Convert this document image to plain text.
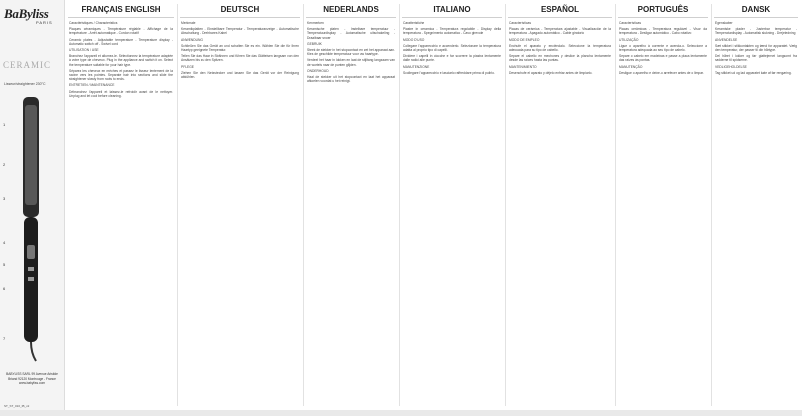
BaByliss
PARIS
CERAMIC
Lisseur/straightener 230°C
1
2
3
4
5
6
7
BABYLISS SARL 99 Avenue Aristide Briand 92120 Montrouge - France www.babyliss.com
ST_ST_010_IB_v2
FRANÇAIS ENGLISH

Caractéristiques / Characteristics

Plaques céramiques - Température réglable - Affichage de la température - Arrêt automatique - Cordon rotatif

Ceramic plates - Adjustable temperature - Temperature display - Automatic switch off - Swivel cord

UTILISATION / USE

Branchez l'appareil et allumez-le. Sélectionnez la température adaptée à votre type de cheveux. Plug in the appliance and switch it on. Select the temperature suitable for your hair type.

Séparez les cheveux en mèches et passez le lisseur lentement de la racine vers les pointes. Separate hair into sections and slide the straightener slowly from roots to ends.

ENTRETIEN / MAINTENANCE

Débranchez l'appareil et laissez-le refroidir avant de le nettoyer. Unplug and let cool before cleaning.

DEUTSCH

Merkmale

Keramikplatten - Einstellbare Temperatur - Temperaturanzeige - Automatische Abschaltung - Drehbares Kabel

ANWENDUNG

Schließen Sie das Gerät an und schalten Sie es ein. Wählen Sie die für Ihren Haartyp geeignete Temperatur.

Teilen Sie das Haar in Strähnen und führen Sie das Glätteisen langsam von den Ansätzen bis zu den Spitzen.

PFLEGE

Ziehen Sie den Netzstecker und lassen Sie das Gerät vor der Reinigung abkühlen.

NEDERLANDS

Kenmerken

Keramische platen - Instelbare temperatuur - Temperatuurdisplay - Automatische uitschakeling - Draaibaar snoer

GEBRUIK

Steek de stekker in het stopcontact en zet het apparaat aan. Kies de geschikte temperatuur voor uw haartype.

Verdeel het haar in lokken en laat de stijltang langzaam van de wortels naar de punten glijden.

ONDERHOUD

Haal de stekker uit het stopcontact en laat het apparaat afkoelen voordat u het reinigt.

ITALIANO

Caratteristiche

Piastre in ceramica - Temperatura regolabile - Display della temperatura - Spegnimento automatico - Cavo girevole

MODO D'USO

Collegare l'apparecchio e accenderlo. Selezionare la temperatura adatta al proprio tipo di capelli.

Dividere i capelli in ciocche e far scorrere la piastra lentamente dalle radici alle punte.

MANUTENZIONE

Scollegare l'apparecchio e lasciarlo raffreddare prima di pulirlo.

ESPAÑOL

Características

Placas de cerámica - Temperatura ajustable - Visualización de la temperatura - Apagado automático - Cable giratorio

MODO DE EMPLEO

Enchufe el aparato y enciéndalo. Seleccione la temperatura adecuada para su tipo de cabello.

Separe el cabello en mechones y deslice la plancha lentamente desde las raíces hasta las puntas.

MANTENIMIENTO

Desenchufe el aparato y déjelo enfriar antes de limpiarlo.

PORTUGUÊS

Características

Placas cerâmicas - Temperatura regulável - Visor da temperatura - Desligar automático - Cabo rotativo

UTILIZAÇÃO

Ligue o aparelho à corrente e acenda-o. Seleccione a temperatura adequada ao seu tipo de cabelo.

Separe o cabelo em madeixas e passe a placa lentamente das raízes às pontas.

MANUTENÇÃO

Desligue o aparelho e deixe-o arrefecer antes de o limpar.

DANSK

Egenskaber

Keramiske plader - Justerbar temperatur - Temperaturdisplay - Automatisk slukning - Drejeledning

ANVENDELSE

Sæt stikket i stikkontakten og tænd for apparatet. Vælg den temperatur, der passer til din hårtype.

Del håret i lokker og før glattejernet langsomt fra rødderne til spidserne.

VEDLIGEHOLDELSE

Tag stikket ud og lad apparatet køle af før rengøring.
